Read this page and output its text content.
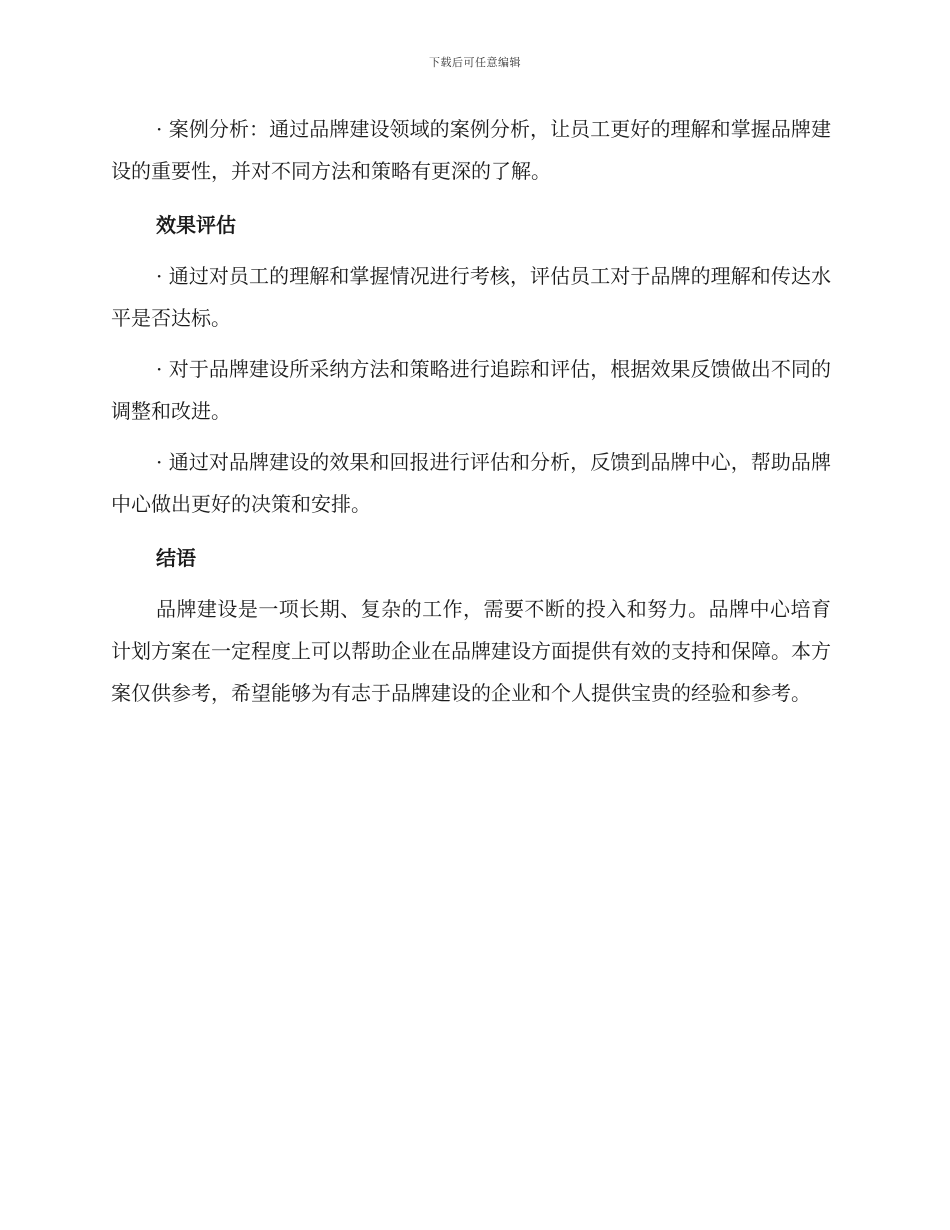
下载后可任意编辑

· 案例分析：通过品牌建设领域的案例分析，让员工更好的理解和掌握品牌建设的重要性，并对不同方法和策略有更深的了解。

效果评估

· 通过对员工的理解和掌握情况进行考核，评估员工对于品牌的理解和传达水平是否达标。

· 对于品牌建设所采纳方法和策略进行追踪和评估，根据效果反馈做出不同的调整和改进。

· 通过对品牌建设的效果和回报进行评估和分析，反馈到品牌中心，帮助品牌中心做出更好的决策和安排。

结语

品牌建设是一项长期、复杂的工作，需要不断的投入和努力。品牌中心培育计划方案在一定程度上可以帮助企业在品牌建设方面提供有效的支持和保障。本方案仅供参考，希望能够为有志于品牌建设的企业和个人提供宝贵的经验和参考。
